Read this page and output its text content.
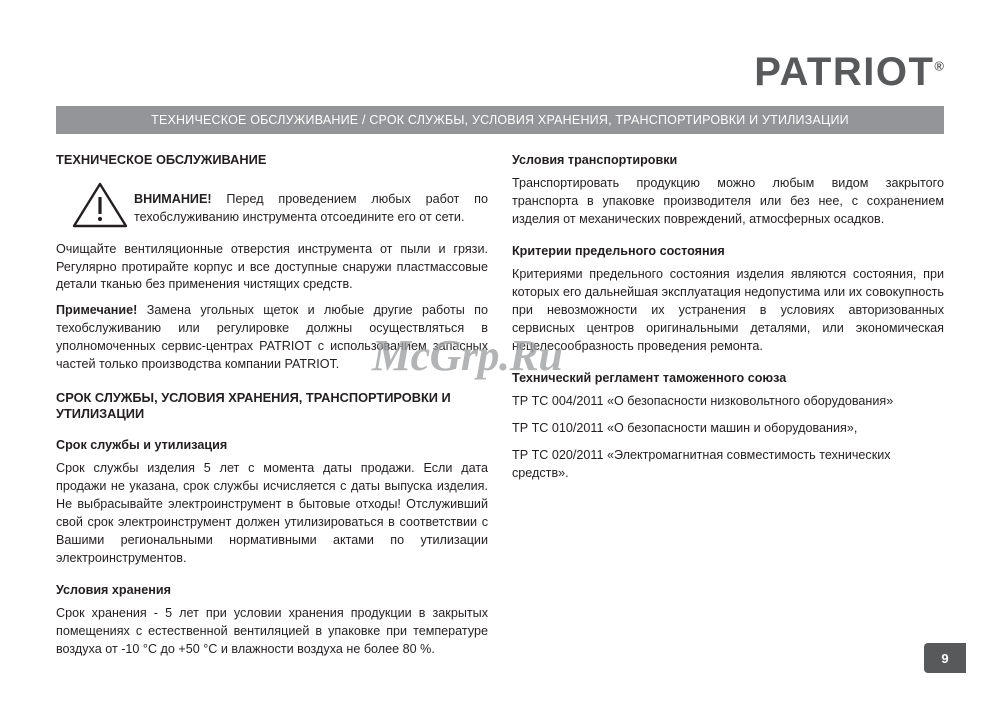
PATRIOT®
ТЕХНИЧЕСКОЕ ОБСЛУЖИВАНИЕ / СРОК СЛУЖБЫ, УСЛОВИЯ ХРАНЕНИЯ, ТРАНСПОРТИРОВКИ И УТИЛИЗАЦИИ
ТЕХНИЧЕСКОЕ ОБСЛУЖИВАНИЕ

ВНИМАНИЕ! Перед проведением любых работ по техобслуживанию инструмента отсоедините его от сети.

Очищайте вентиляционные отверстия инструмента от пыли и грязи. Регулярно протирайте корпус и все доступные снаружи пластмассовые детали тканью без применения чистящих средств.

Примечание! Замена угольных щеток и любые другие работы по техобслуживанию или регулировке должны осуществляться в уполномоченных сервис-центрах PATRIOT с использованием запасных частей только производства компании PATRIOT.

СРОК СЛУЖБЫ, УСЛОВИЯ ХРАНЕНИЯ, ТРАНСПОРТИРОВКИ И УТИЛИЗАЦИИ
Срок службы и утилизация

Срок службы изделия 5 лет с момента даты продажи. Если дата продажи не указана, срок службы исчисляется с даты выпуска изделия. Не выбрасывайте электроинструмент в бытовые отходы! Отслуживший свой срок электроинструмент должен утилизироваться в соответствии с Вашими региональными нормативными актами по утилизации электроинструментов.

Условия хранения

Срок хранения - 5 лет при условии хранения продукции в закрытых помещениях с естественной вентиляцией в упаковке при температуре воздуха от -10 °С до +50 °С и влажности воздуха не более 80 %.

Условия транспортировки

Транспортировать продукцию можно любым видом закрытого транспорта в упаковке производителя или без нее, с сохранением изделия от механических повреждений, атмосферных осадков.

Критерии предельного состояния

Критериями предельного состояния изделия являются состояния, при которых его дальнейшая эксплуатация недопустима или их совокупность при невозможности их устранения в условиях авторизованных сервисных центров оригинальными деталями, или экономическая нецелесообразность проведения ремонта.

Технический регламент таможенного союза

ТР ТС 004/2011 «О безопасности низковольтного оборудования»

ТР ТС 010/2011 «О безопасности машин и оборудования»,

ТР ТС 020/2011 «Электромагнитная совместимость технических средств».

McGrp.Ru
9
